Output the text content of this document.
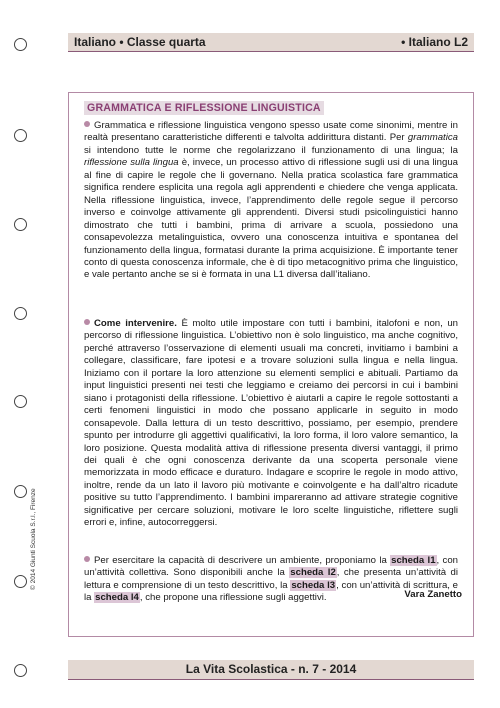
Italiano • Classe quarta	• Italiano L2
GRAMMATICA E RIFLESSIONE LINGUISTICA
Grammatica e riflessione linguistica vengono spesso usate come sinonimi, mentre in realtà presentano caratteristiche differenti e talvolta addirittura distanti. Per grammatica si intendono tutte le norme che regolarizzano il funzionamento di una lingua; la riflessione sulla lingua è, invece, un processo attivo di riflessione sugli usi di una lingua al fine di capire le regole che li governano. Nella pratica scolastica fare grammatica significa rendere esplicita una regola agli apprendenti e chiedere che venga applicata. Nella riflessione linguistica, invece, l’apprendimento delle regole segue il percorso inverso e coinvolge attivamente gli apprendenti. Diversi studi psicolinguistici hanno dimostrato che tutti i bambini, prima di arrivare a scuola, possiedono una consapevolezza metalinguistica, ovvero una conoscenza intuitiva e spontanea del funzionamento della lingua, formatasi durante la prima acquisizione. È importante tener conto di questa conoscenza informale, che è di tipo metacognitivo prima che linguistico, e vale pertanto anche se si è formata in una L1 diversa dall’italiano.
Come intervenire. È molto utile impostare con tutti i bambini, italofoni e non, un percorso di riflessione linguistica. L’obiettivo non è solo linguistico, ma anche cognitivo, perché attraverso l’osservazione di elementi usuali ma concreti, invitiamo i bambini a collegare, classificare, fare ipotesi e a trovare soluzioni sulla lingua e nella lingua. Iniziamo con il portare la loro attenzione su elementi semplici e abituali. Partiamo da input linguistici presenti nei testi che leggiamo e creiamo dei percorsi in cui i bambini siano i protagonisti della riflessione. L’obiettivo è aiutarli a capire le regole sottostanti a certi fenomeni linguistici in modo che possano applicarle in seguito in modo consapevole. Dalla lettura di un testo descrittivo, possiamo, per esempio, prendere spunto per introdurre gli aggettivi qualificativi, la loro forma, il loro valore semantico, la loro posizione. Questa modalità attiva di riflessione presenta diversi vantaggi, il primo dei quali è che ogni conoscenza derivante da una scoperta personale viene memorizzata in modo efficace e duraturo. Indagare e scoprire le regole in modo attivo, inoltre, rende da un lato il lavoro più motivante e coinvolgente e ha dall’altro ricadute positive su tutto l’apprendimento. I bambini impareranno ad attivare strategie cognitive significative per cercare soluzioni, motivare le loro scelte linguistiche, riflettere sugli errori e, infine, autocorreggersi.
Per esercitare la capacità di descrivere un ambiente, proponiamo la scheda l1, con un’attività collettiva. Sono disponibili anche la scheda l2, che presenta un’attività di lettura e comprensione di un testo descrittivo, la scheda l3, con un’attività di scrittura, e la scheda l4, che propone una riflessione sugli aggettivi.	Vara Zanetto
© 2014 Giunti Scuola S.r.l., Firenze
La Vita Scolastica - n. 7 - 2014
